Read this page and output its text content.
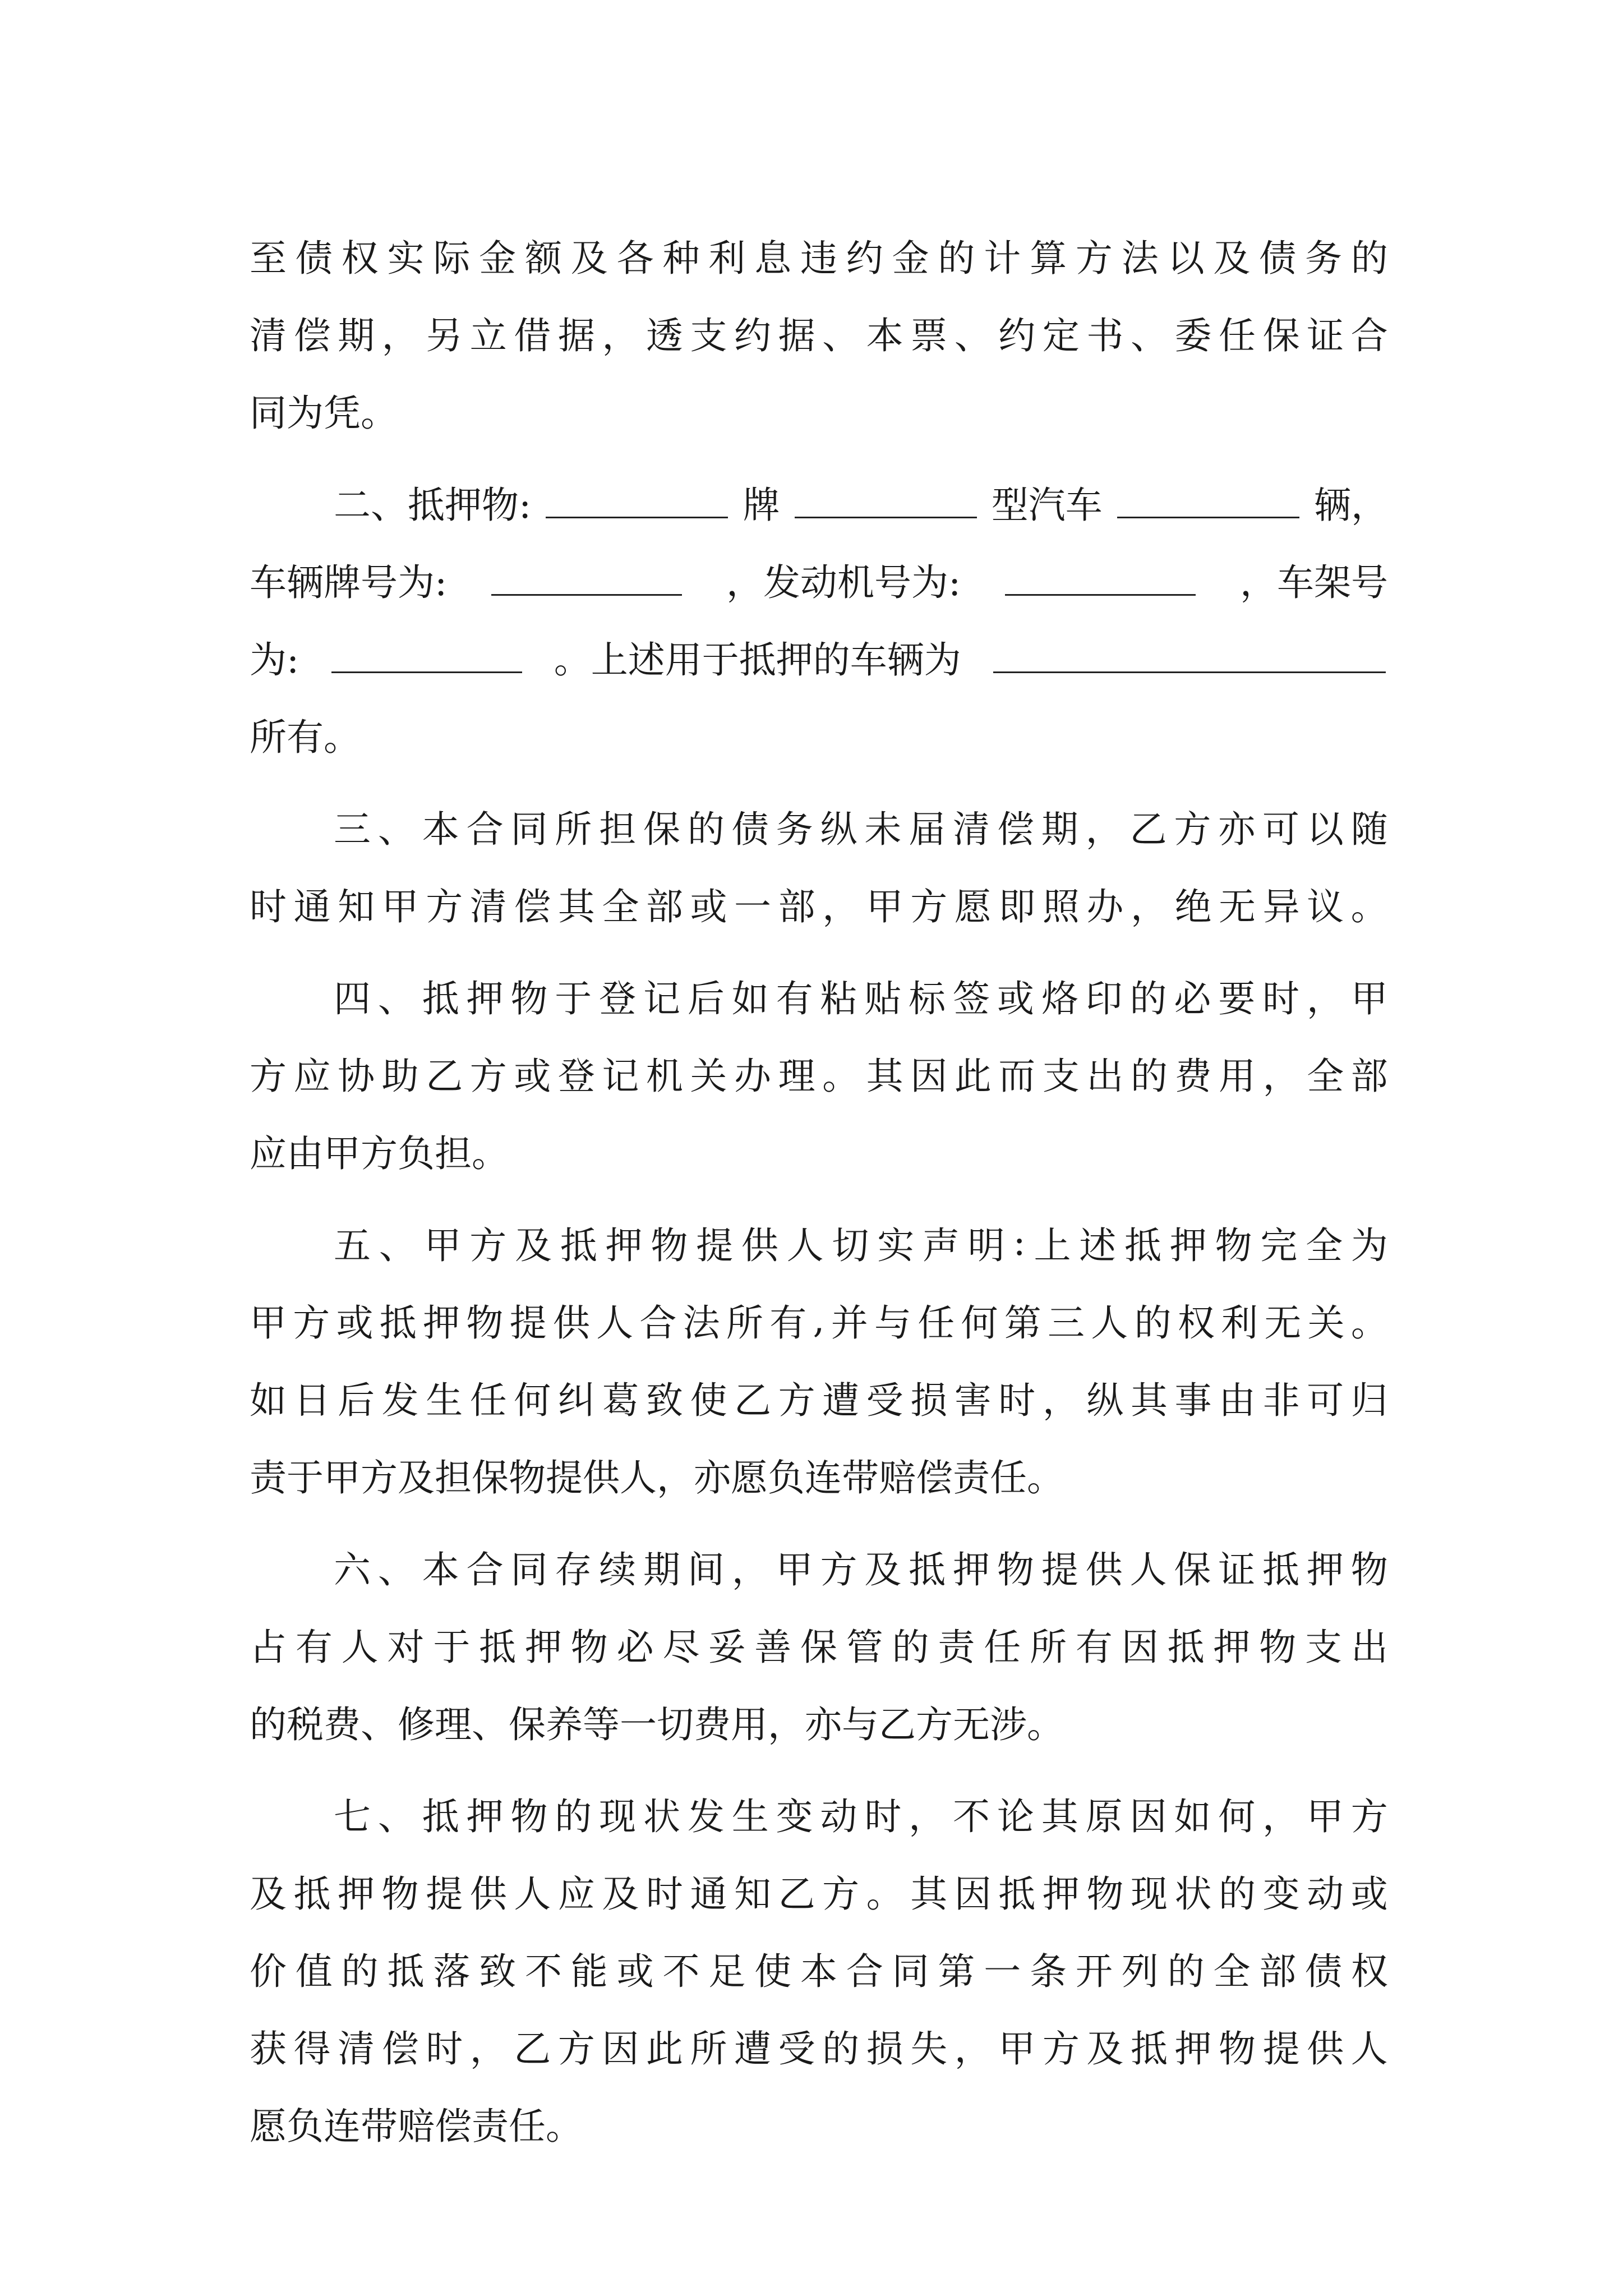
至 债 权 实 际 金 额 及 各 种 利 息 违 约 金 的 计 算 方 法 以 及 债 务 的
清 偿 期 ， 另 立 借 据 ， 透 支 约 据 、 本 票 、 约 定 书 、 委 任 保 证 合
同为凭。
二、抵押物:	牌	型汽车	辆，
车辆牌号为:	，发动机号为:	，车架号
为:	。上述用于抵押的车辆为
所有。
三 、 本 合 同 所 担 保 的 债 务 纵 未 届 清 偿 期 ， 乙 方 亦 可 以 随
时 通 知 甲 方 清 偿 其 全 部 或 一 部 ， 甲 方 愿 即 照 办 ， 绝 无 异 议 。
四 、 抵 押 物 于 登 记 后 如 有 粘 贴 标 签 或 烙 印 的 必 要 时 ， 甲
方 应 协 助 乙 方 或 登 记 机 关 办 理 。 其 因 此 而 支 出 的 费 用 ， 全 部
应由甲方负担。
五 、 甲 方 及 抵 押 物 提 供 人 切 实 声 明 : 上 述 抵 押 物 完 全 为
甲 方 或 抵 押 物 提 供 人 合 法 所 有 , 并 与 任 何 第 三 人 的 权 利 无 关 。
如 日 后 发 生 任 何 纠 葛 致 使 乙 方 遭 受 损 害 时 ， 纵 其 事 由 非 可 归
责于甲方及担保物提供人，亦愿负连带赔偿责任。
六 、 本 合 同 存 续 期 间 ， 甲 方 及 抵 押 物 提 供 人 保 证 抵 押 物
占 有 人 对 于 抵 押 物 必 尽 妥 善 保 管 的 责 任 所 有 因 抵 押 物 支 出
的税费、修理、保养等一切费用，亦与乙方无涉。
七 、 抵 押 物 的 现 状 发 生 变 动 时 ， 不 论 其 原 因 如 何 ， 甲 方
及 抵 押 物 提 供 人 应 及 时 通 知 乙 方 。 其 因 抵 押 物 现 状 的 变 动 或
价 值 的 抵 落 致 不 能 或 不 足 使 本 合 同 第 一 条 开 列 的 全 部 债 权
获 得 清 偿 时 ， 乙 方 因 此 所 遭 受 的 损 失 ， 甲 方 及 抵 押 物 提 供 人
愿负连带赔偿责任。
